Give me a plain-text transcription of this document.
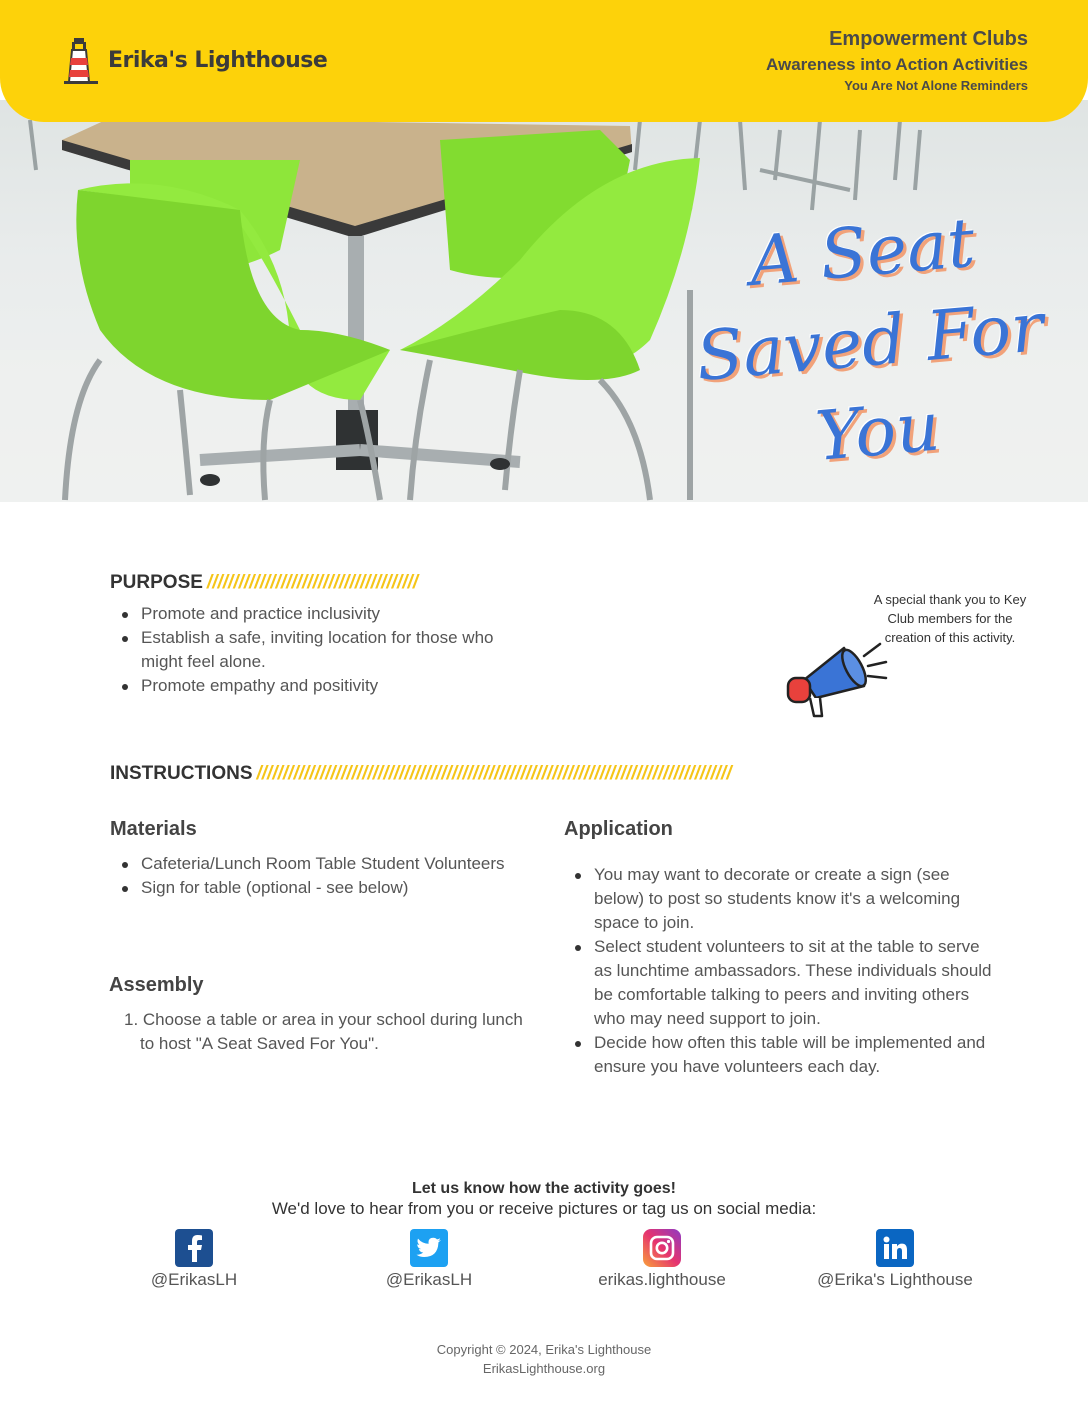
Erika's Lighthouse
Empowerment Clubs
Awareness into Action Activities
You Are Not Alone Reminders
A Seat
Saved For
You
PURPOSE ////////////////////////////////////////
Promote and practice inclusivity
Establish a safe, inviting location for those who might feel alone.
Promote empathy and positivity
A special thank you to Key Club members for the creation of this activity.
INSTRUCTIONS //////////////////////////////////////////////////////////////////////////////////////////
Materials
Cafeteria/Lunch Room Table Student Volunteers
Sign for table (optional - see below)
Assembly
1. Choose a table or area in your school during lunch to host "A Seat Saved For You".
Application
You may want to decorate or create a sign (see below) to post so students know it's a welcoming space to join.
Select student volunteers to sit at the table to serve as lunchtime ambassadors. These individuals should be comfortable talking to peers and inviting others who may need support to join.
Decide how often this table will be implemented and ensure you have volunteers each day.
Let us know how the activity goes!
We'd love to hear from you or receive pictures or tag us on social media:
@ErikasLH	@ErikasLH	erikas.lighthouse	@Erika's Lighthouse
Copyright © 2024, Erika's Lighthouse
ErikasLighthouse.org
